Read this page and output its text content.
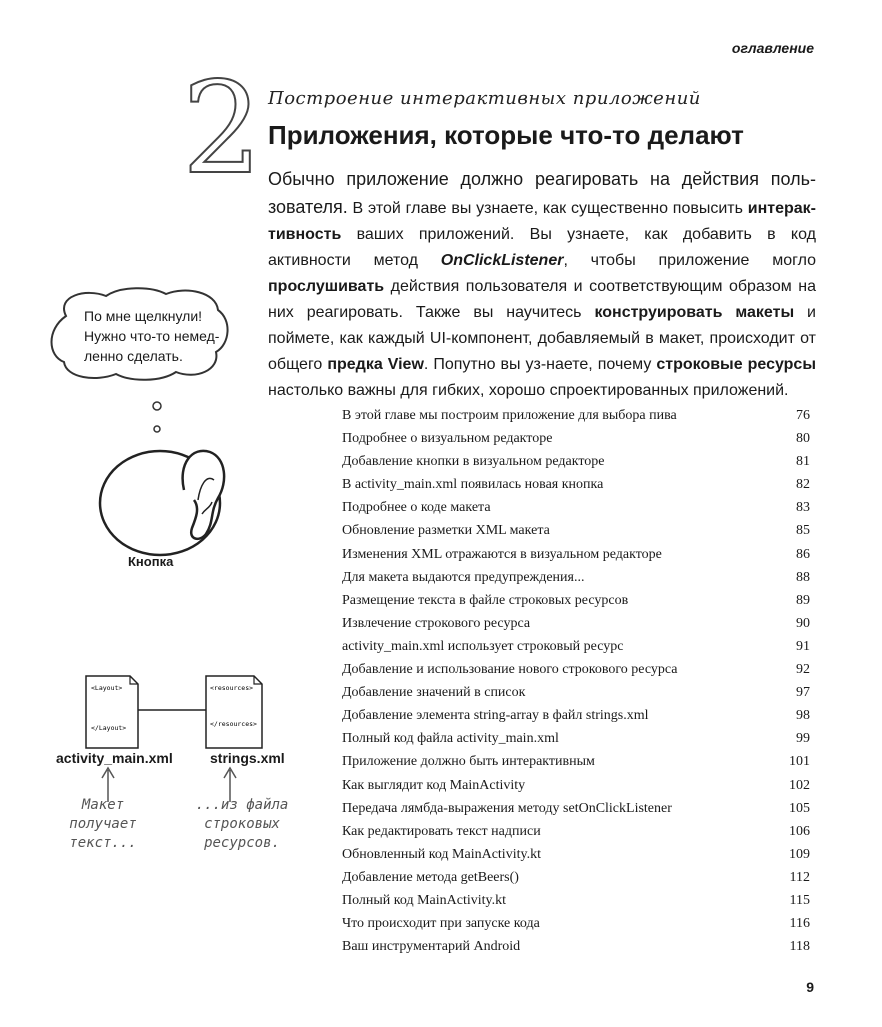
оглавление
2 Построение интерактивных приложений
Приложения, которые что-то делают
Обычно приложение должно реагировать на действия поль-зователя. В этой главе вы узнаете, как существенно повысить интерак-тивность ваших приложений. Вы узнаете, как добавить в код активности метод OnClickListener, чтобы приложение могло прослушивать действия пользователя и соответствующим образом на них реагировать. Также вы научитесь конструировать макеты и поймете, как каждый UI-компонент, добавляемый в макет, происходит от общего предка View. Попутно вы уз-наете, почему строковые ресурсы настолько важны для гибких, хорошо спроектированных приложений.
По мне щелкнули! Нужно что-то немед-ленно сделать.
Кнопка
<Layout>
</Layout>
<resources>
</resources>
activity_main.xml	strings.xml
Макет получает текст...
...из файла строковых ресурсов.
В этой главе мы построим приложение для выбора пива	76
Подробнее о визуальном редакторе	80
Добавление кнопки в визуальном редакторе	81
В activity_main.xml появилась новая кнопка	82
Подробнее о коде макета	83
Обновление разметки XML макета	85
Изменения XML отражаются в визуальном редакторе	86
Для макета выдаются предупреждения...	88
Размещение текста в файле строковых ресурсов	89
Извлечение строкового ресурса	90
activity_main.xml использует строковый ресурс	91
Добавление и использование нового строкового ресурса	92
Добавление значений в список	97
Добавление элемента string-array в файл strings.xml	98
Полный код файла activity_main.xml	99
Приложение должно быть интерактивным	101
Как выглядит код MainActivity	102
Передача лямбда-выражения методу setOnClickListener	105
Как редактировать текст надписи	106
Обновленный код MainActivity.kt	109
Добавление метода getBeers()	112
Полный код MainActivity.kt	115
Что происходит при запуске кода	116
Ваш инструментарий Android	118
9
